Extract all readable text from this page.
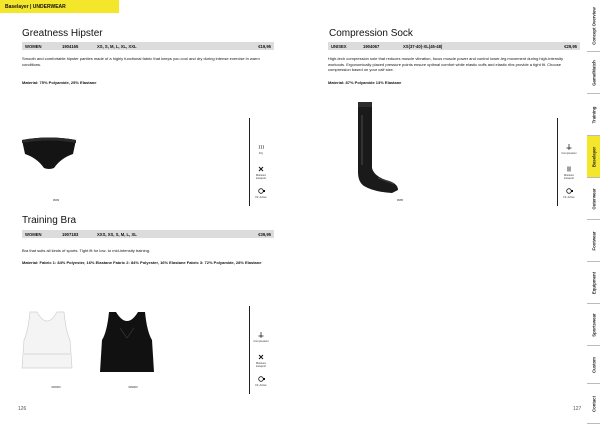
Baselayer | UNDERWEAR
Greatness Hipster
WOMEN	1904165	XS, S, M, L, XL, XXL	€19,95
Smooth and comfortable hipster panties made of a highly functional fabric that keeps you cool and dry during intense exercise in warm conditions.
Material: 75% Polyamide, 25% Elastane
9999
Dry
Moisture transport
Fit: Active
Training Bra
WOMEN	1907183	XXS, XS, S, M, L, XL	€39,95
Bra that suits all kinds of sports. Tight fit for low- to mid-intensity training.
Material: Fabric 1: 84% Polyester, 16% Elastane Fabric 2: 84% Polyester, 16% Elastane Fabric 3: 72% Polyamide, 28% Elastane
900000	999000
Compression
Moisture transport
Fit: Active
Compression Sock
UNISEX	1904067	XS(37-40)-XL(45-48)	€29,95
High-tech compression sole that reduces muscle vibration, focus muscle power and control lower-leg movement during high-intensity workouts. Ergonomically placed pressure points ensure optimal comfort while elastic cuffs and elastic ribs provide a tight fit. Choose compression based on your calf size.
Material: 87% Polyamide 13% Elastane
9985
Compression
Moisture transport
Fit: Active
126	127
Concept Overview
Game/Match
Training
Baselayer
Outerwear
Footwear
Equipment
Sportswear
Custom
Contact
